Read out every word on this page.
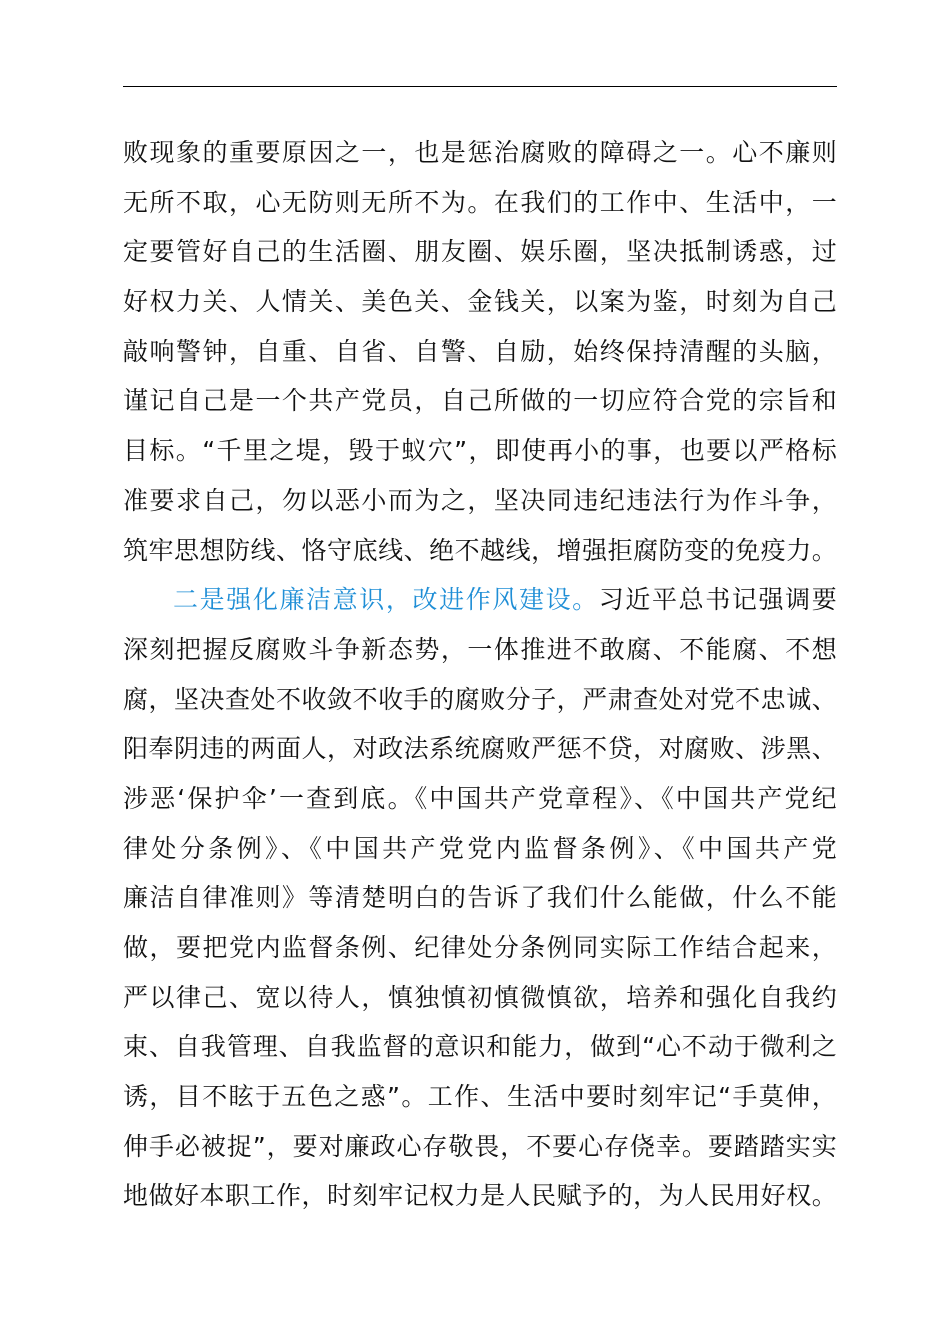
败现象的重要原因之一，也是惩治腐败的障碍之一。心不廉则
无所不取，心无防则无所不为。在我们的工作中、生活中，一
定要管好自己的生活圈、朋友圈、娱乐圈，坚决抵制诱惑，过
好权力关、人情关、美色关、金钱关，以案为鉴，时刻为自己
敲响警钟，自重、自省、自警、自励，始终保持清醒的头脑，
谨记自己是一个共产党员，自己所做的一切应符合党的宗旨和
目标。“千里之堤，毁于蚁穴”，即使再小的事，也要以严格标
准要求自己，勿以恶小而为之，坚决同违纪违法行为作斗争，
筑牢思想防线、恪守底线、绝不越线，增强拒腐防变的免疫力。
二是强化廉洁意识，改进作风建设。习近平总书记强调要
深刻把握反腐败斗争新态势，一体推进不敢腐、不能腐、不想
腐，坚决查处不收敛不收手的腐败分子，严肃查处对党不忠诚、
阳奉阴违的两面人，对政法系统腐败严惩不贷，对腐败、涉黑、
涉恶‘保护伞’一查到底。《中国共产党章程》、《中国共产党纪
律处分条例》、《中国共产党党内监督条例》、《中国共产党
廉洁自律准则》等清楚明白的告诉了我们什么能做，什么不能
做，要把党内监督条例、纪律处分条例同实际工作结合起来，
严以律己、宽以待人，慎独慎初慎微慎欲，培养和强化自我约
束、自我管理、自我监督的意识和能力，做到“心不动于微利之
诱，目不眩于五色之惑”。工作、生活中要时刻牢记“手莫伸，
伸手必被捉”，要对廉政心存敬畏，不要心存侥幸。要踏踏实实
地做好本职工作，时刻牢记权力是人民赋予的，为人民用好权。
